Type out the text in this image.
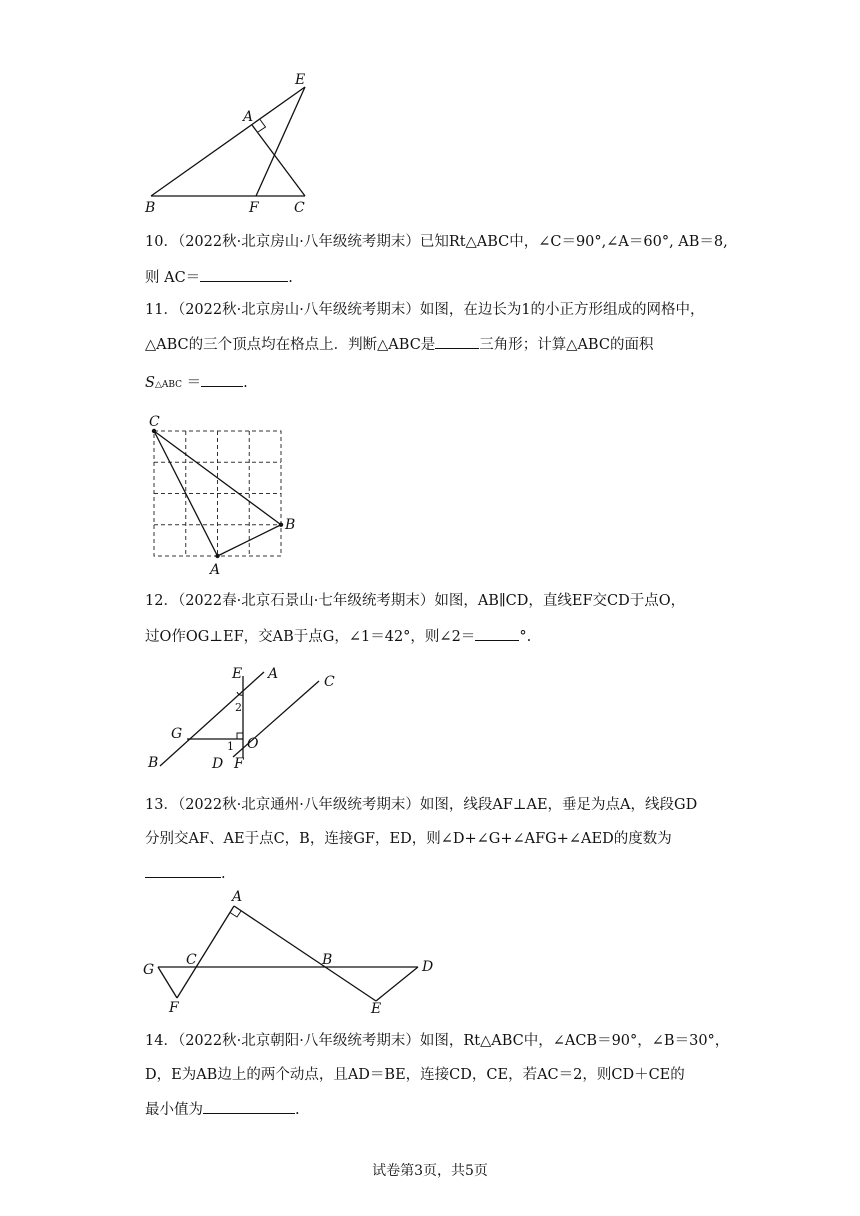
E
A
B	F	C
10．（2022秋·北京房山·八年级统考期末）已知Rt△ABC中，∠C＝90°,∠A＝60°, AB＝8,
则 AC＝	.
11．（2022秋·北京房山·八年级统考期末）如图，在边长为1的小正方形组成的网格中，
△ABC的三个顶点均在格点上．判断△ABC是	三角形；计算△ABC的面积
S△ABC ＝	.
C
B
A
12．（2022春·北京石景山·七年级统考期末）如图，AB∥CD，直线EF交CD于点O，
过O作OG⊥EF，交AB于点G，∠1＝42°，则∠2＝	°.
E A	C
G
O
B	D F
1
2
13．（2022秋·北京通州·八年级统考期末）如图，线段AF⊥AE，垂足为点A，线段GD
分别交AF、AE于点C，B，连接GF，ED，则∠D+∠G+∠AFG+∠AED的度数为
.
A
G
C	B	D
F	E
14．（2022秋·北京朝阳·八年级统考期末）如图，Rt△ABC中，∠ACB＝90°，∠B＝30°，
D，E为AB边上的两个动点，且AD＝BE，连接CD，CE，若AC＝2，则CD＋CE的
最小值为	.
试卷第3页，共5页
